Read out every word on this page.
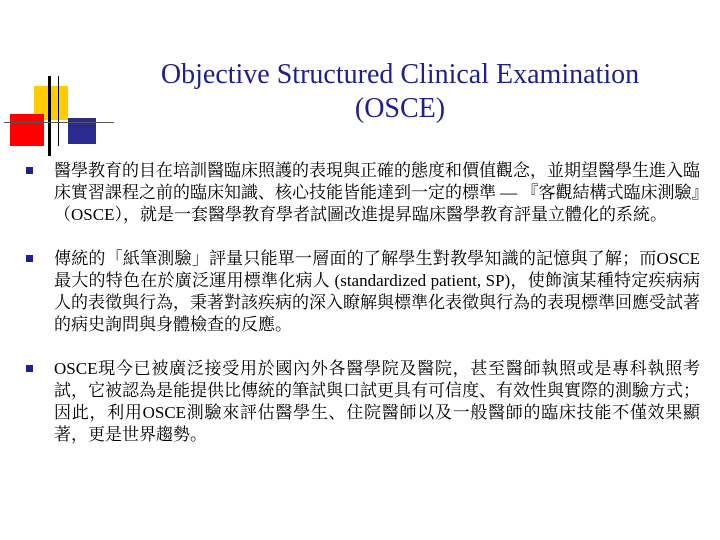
Objective Structured Clinical Examination
(OSCE)
醫學教育的目在培訓醫臨床照護的表現與正確的態度和價值觀念，並期望醫學生進入臨床實習課程之前的臨床知識、核心技能皆能達到一定的標準 — 『客觀結構式臨床測驗』（OSCE），就是一套醫學教育學者試圖改進提昇臨床醫學教育評量立體化的系統。
傳統的「紙筆測驗」評量只能單一層面的了解學生對教學知識的記憶與了解；而OSCE最大的特色在於廣泛運用標準化病人 (standardized patient, SP)，使飾演某種特定疾病病人的表徵與行為，秉著對該疾病的深入瞭解與標準化表徵與行為的表現標準回應受試著的病史詢問與身體檢查的反應。
OSCE現今已被廣泛接受用於國內外各醫學院及醫院，甚至醫師執照或是專科執照考試，它被認為是能提供比傳統的筆試與口試更具有可信度、有效性與實際的測驗方式；因此，利用OSCE測驗來評估醫學生、住院醫師以及一般醫師的臨床技能不僅效果顯著，更是世界趨勢。
